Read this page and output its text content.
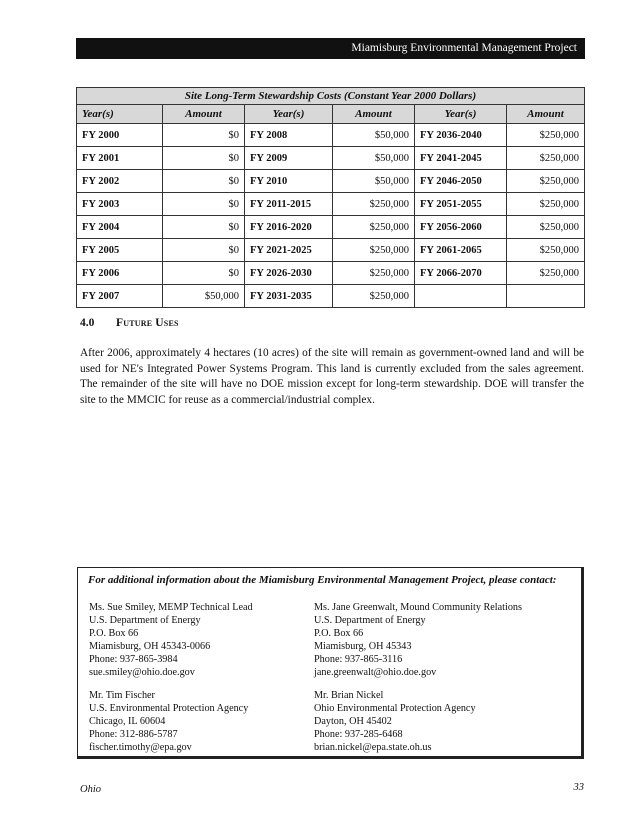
Miamisburg Environmental Management Project
Site Long-Term Stewardship Costs (Constant Year 2000 Dollars)					
Year(s)	Amount	Year(s)	Amount	Year(s)	Amount
FY 2000	$0	FY 2008	$50,000	FY 2036-2040	$250,000
FY 2001	$0	FY 2009	$50,000	FY 2041-2045	$250,000
FY 2002	$0	FY 2010	$50,000	FY 2046-2050	$250,000
FY 2003	$0	FY 2011-2015	$250,000	FY 2051-2055	$250,000
FY 2004	$0	FY 2016-2020	$250,000	FY 2056-2060	$250,000
FY 2005	$0	FY 2021-2025	$250,000	FY 2061-2065	$250,000
FY 2006	$0	FY 2026-2030	$250,000	FY 2066-2070	$250,000
FY 2007	$50,000	FY 2031-2035	$250,000		
4.0 Future Uses

After 2006, approximately 4 hectares (10 acres) of the site will remain as government-owned land and will be used for NE's Integrated Power Systems Program. This land is currently excluded from the sales agreement. The remainder of the site will have no DOE mission except for long-term stewardship. DOE will transfer the site to the MMCIC for reuse as a commercial/industrial complex.

For additional information about the Miamisburg Environmental Management Project, please contact:
Ms. Sue Smiley, MEMP Technical Lead
U.S. Department of Energy
P.O. Box 66
Miamisburg, OH 45343-0066
Phone: 937-865-3984
sue.smiley@ohio.doe.gov
Mr. Tim Fischer
U.S. Environmental Protection Agency
Chicago, IL 60604
Phone: 312-886-5787
fischer.timothy@epa.gov
Ms. Jane Greenwalt, Mound Community Relations
U.S. Department of Energy
P.O. Box 66
Miamisburg, OH 45343
Phone: 937-865-3116
jane.greenwalt@ohio.doe.gov
Mr. Brian Nickel
Ohio Environmental Protection Agency
Dayton, OH 45402
Phone: 937-285-6468
brian.nickel@epa.state.oh.us
Ohio	33
